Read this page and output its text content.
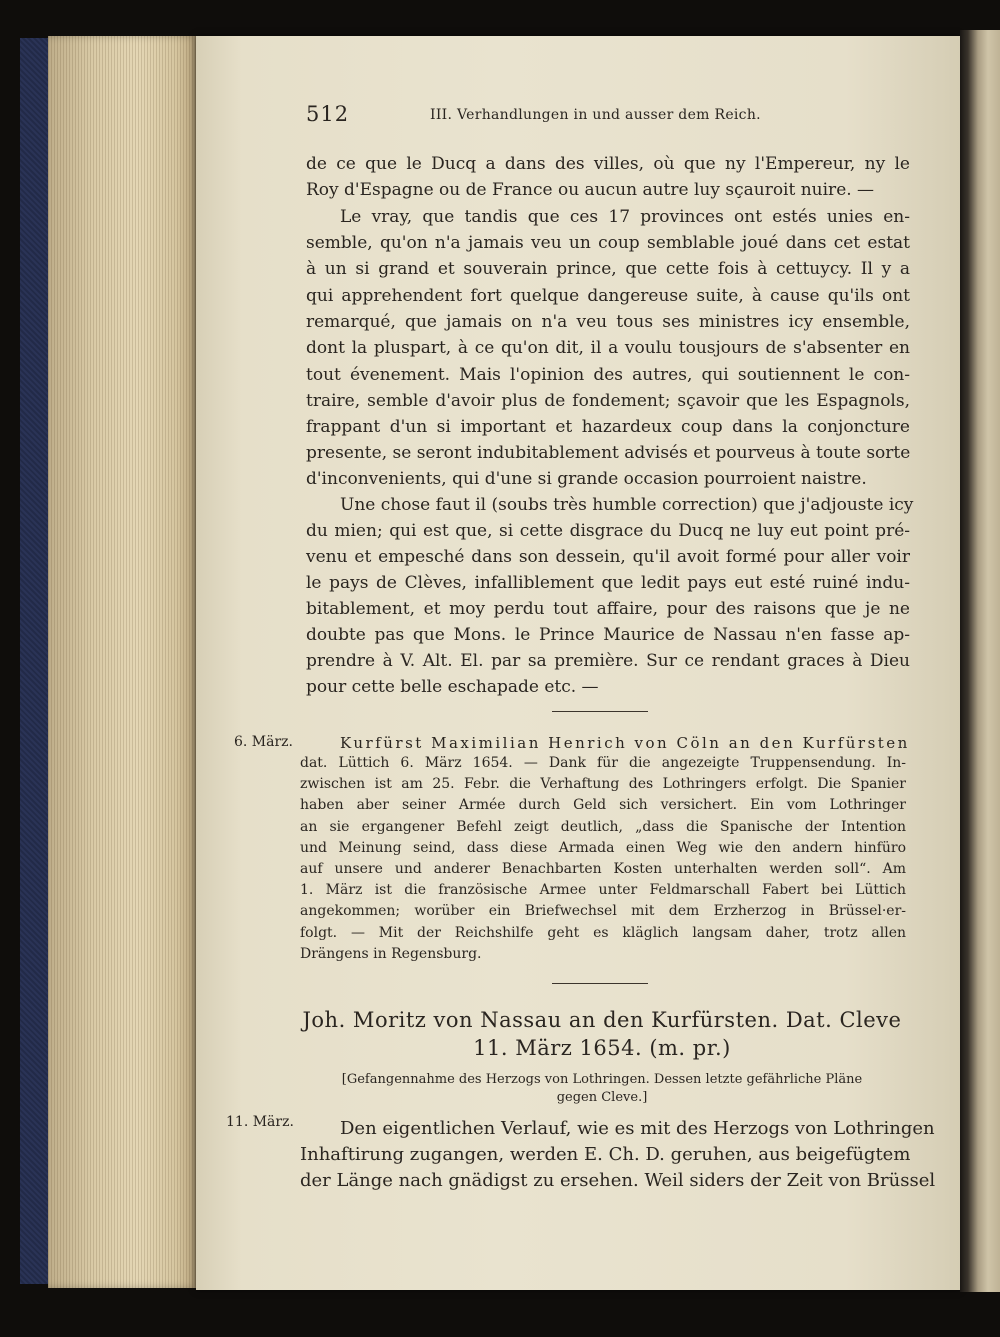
512	III. Verhandlungen in und ausser dem Reich.
de ce que le Ducq a dans des villes, où que ny l'Empereur, ny le
Roy d'Espagne ou de France ou aucun autre luy sçauroit nuire. —
Le vray, que tandis que ces 17 provinces ont estés unies en-
semble, qu'on n'a jamais veu un coup semblable joué dans cet estat
à un si grand et souverain prince, que cette fois à cettuycy. Il y a
qui apprehendent fort quelque dangereuse suite, à cause qu'ils ont
remarqué, que jamais on n'a veu tous ses ministres icy ensemble,
dont la pluspart, à ce qu'on dit, il a voulu tousjours de s'absenter en
tout évenement. Mais l'opinion des autres, qui soutiennent le con-
traire, semble d'avoir plus de fondement; sçavoir que les Espagnols,
frappant d'un si important et hazardeux coup dans la conjoncture
presente, se seront indubitablement advisés et pourveus à toute sorte
d'inconvenients, qui d'une si grande occasion pourroient naistre.
Une chose faut il (soubs très humble correction) que j'adjouste icy
du mien; qui est que, si cette disgrace du Ducq ne luy eut point pré-
venu et empesché dans son dessein, qu'il avoit formé pour aller voir
le pays de Clèves, infalliblement que ledit pays eut esté ruiné indu-
bitablement, et moy perdu tout affaire, pour des raisons que je ne
doubte pas que Mons. le Prince Maurice de Nassau n'en fasse ap-
prendre à V. Alt. El. par sa première. Sur ce rendant graces à Dieu
pour cette belle eschapade etc. —
6. März.	Kurfürst Maximilian Henrich von Cöln an den Kurfürsten
dat. Lüttich 6. März 1654. — Dank für die angezeigte Truppensendung. In-
zwischen ist am 25. Febr. die Verhaftung des Lothringers erfolgt. Die Spanier
haben aber seiner Armée durch Geld sich versichert. Ein vom Lothringer
an sie ergangener Befehl zeigt deutlich, „dass die Spanische der Intention
und Meinung seind, dass diese Armada einen Weg wie den andern hinfüro
auf unsere und anderer Benachbarten Kosten unterhalten werden soll“. Am
1. März ist die französische Armee unter Feldmarschall Fabert bei Lüttich
angekommen; worüber ein Briefwechsel mit dem Erzherzog in Brüssel·er-
folgt. — Mit der Reichshilfe geht es kläglich langsam daher, trotz allen
Drängens in Regensburg.
Joh. Moritz von Nassau an den Kurfürsten. Dat. Cleve
11. März 1654. (m. pr.)
[Gefangennahme des Herzogs von Lothringen. Dessen letzte gefährliche Pläne
gegen Cleve.]
11. März.	Den eigentlichen Verlauf, wie es mit des Herzogs von Lothringen
Inhaftirung zugangen, werden E. Ch. D. geruhen, aus beigefügtem
der Länge nach gnädigst zu ersehen. Weil siders der Zeit von Brüssel
